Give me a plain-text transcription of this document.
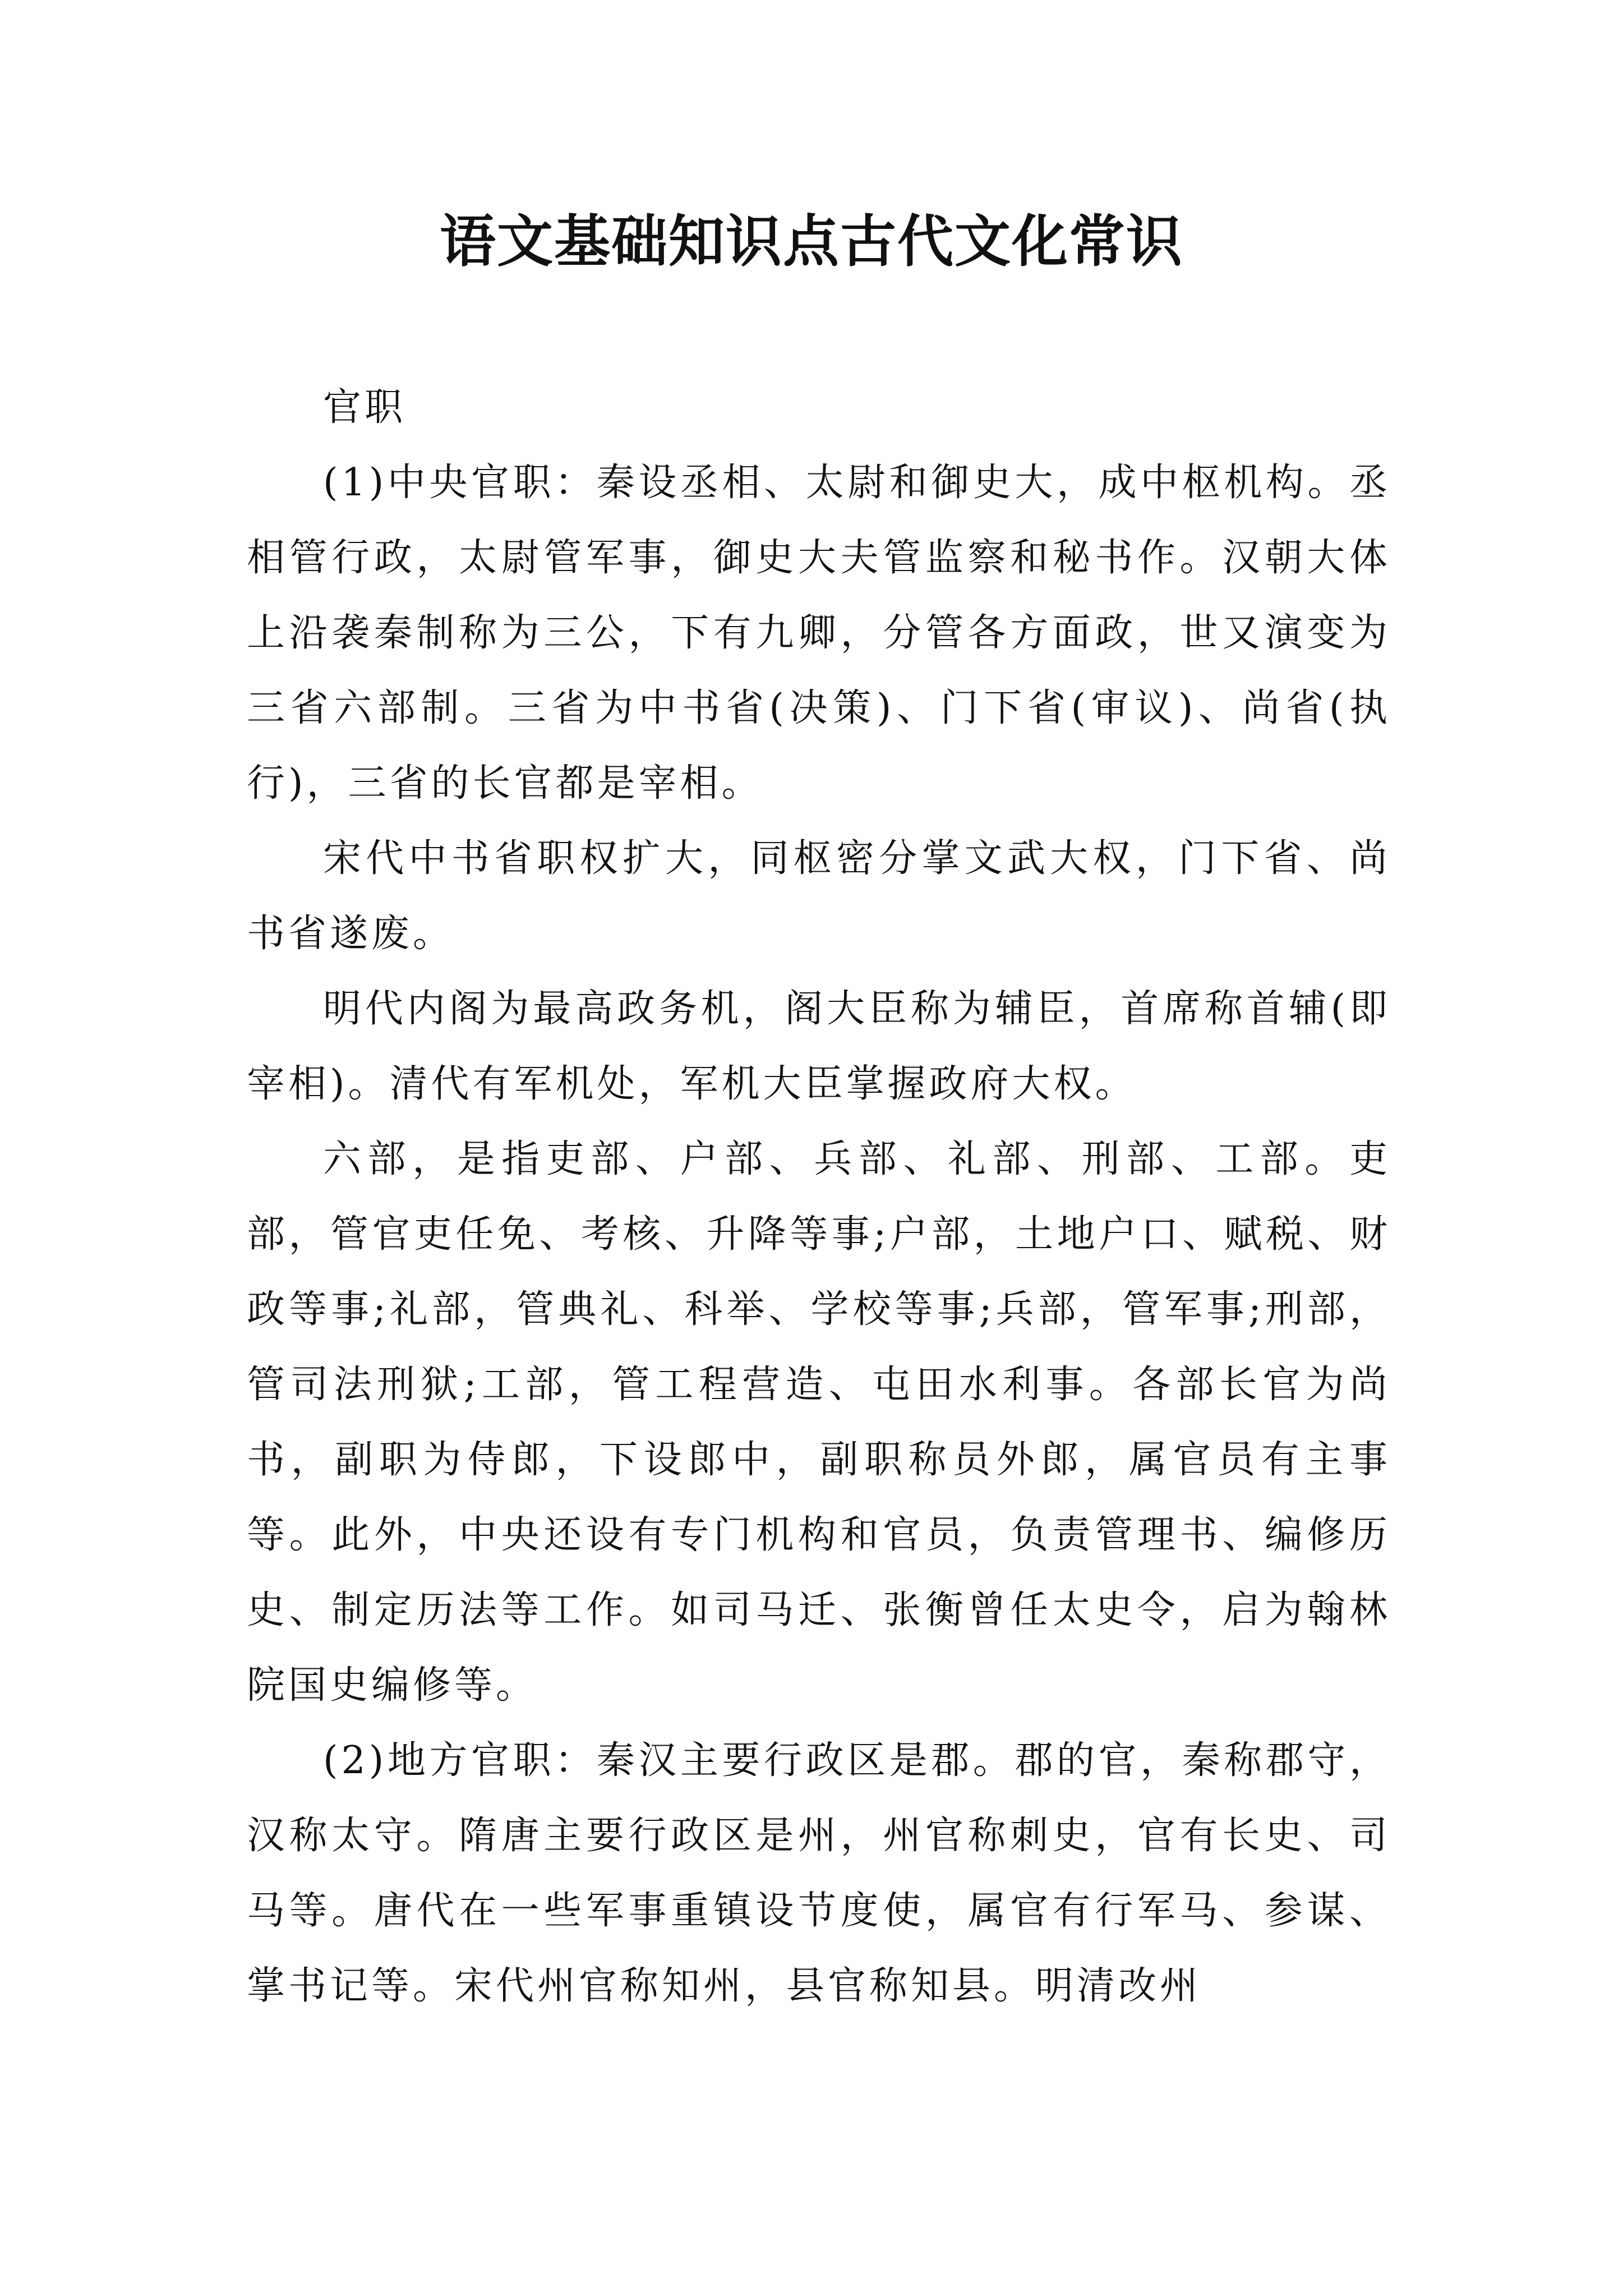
语文基础知识点古代文化常识

官职

(1)中央官职：秦设丞相、太尉和御史大，成中枢机构。丞相管行政，太尉管军事，御史大夫管监察和秘书作。汉朝大体上沿袭秦制称为三公，下有九卿，分管各方面政，世又演变为三省六部制。三省为中书省(决策)、门下省(审议)、尚省(执行)，三省的长官都是宰相。

宋代中书省职权扩大，同枢密分掌文武大权，门下省、尚书省遂废。

明代内阁为最高政务机，阁大臣称为辅臣，首席称首辅(即宰相)。清代有军机处，军机大臣掌握政府大权。

六部，是指吏部、户部、兵部、礼部、刑部、工部。吏部，管官吏任免、考核、升降等事;户部，土地户口、赋税、财政等事;礼部，管典礼、科举、学校等事;兵部，管军事;刑部，管司法刑狱;工部，管工程营造、屯田水利事。各部长官为尚书，副职为侍郎，下设郎中，副职称员外郎，属官员有主事等。此外，中央还设有专门机构和官员，负责管理书、编修历史、制定历法等工作。如司马迁、张衡曾任太史令，启为翰林院国史编修等。

(2)地方官职：秦汉主要行政区是郡。郡的官，秦称郡守，汉称太守。隋唐主要行政区是州，州官称刺史，官有长史、司马等。唐代在一些军事重镇设节度使，属官有行军马、参谋、掌书记等。宋代州官称知州，县官称知县。明清改州
